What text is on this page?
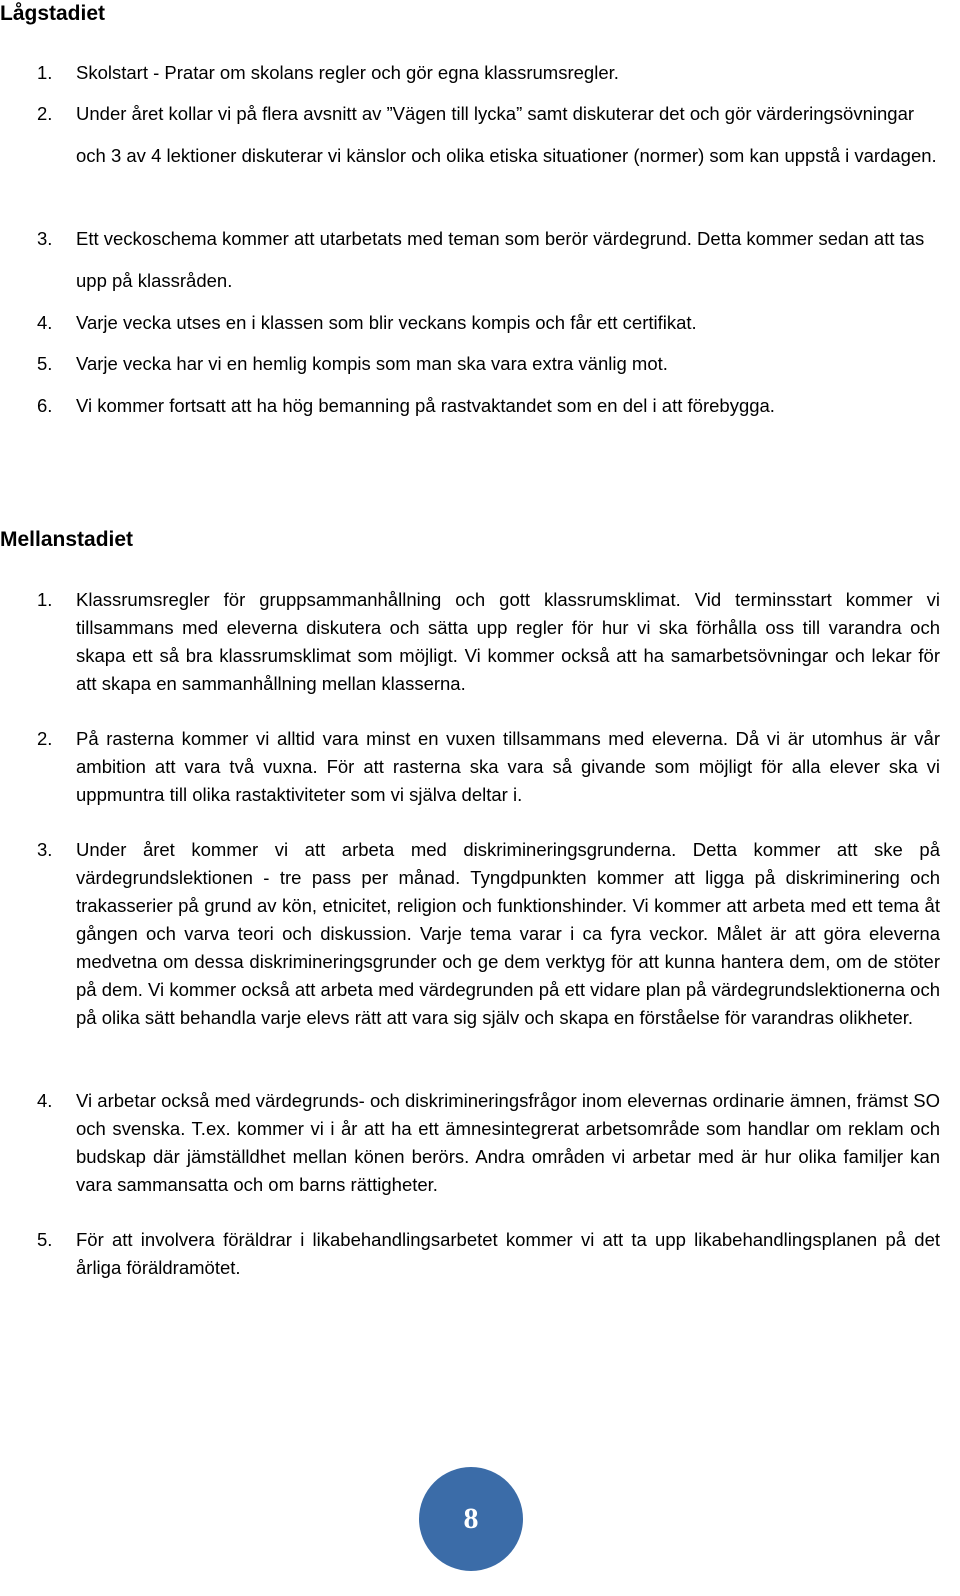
Lågstadiet
1.	Skolstart - Pratar om skolans regler och gör egna klassrumsregler.
2.	Under året kollar vi på flera avsnitt av ”Vägen till lycka” samt diskuterar det och gör värderingsövningar och 3 av 4 lektioner diskuterar vi känslor och olika etiska situationer (normer) som kan uppstå i vardagen.
3.	Ett veckoschema kommer att utarbetats med teman som berör värdegrund. Detta kommer sedan att tas upp på klassråden.
4.	Varje vecka utses en i klassen som blir veckans kompis och får ett certifikat.
5.	Varje vecka har vi en hemlig kompis som man ska vara extra vänlig mot.
6.	Vi kommer fortsatt att ha hög bemanning på rastvaktandet som en del i att förebygga.
Mellanstadiet
1.	Klassrumsregler för gruppsammanhållning och gott klassrumsklimat. Vid terminsstart kommer vi tillsammans med eleverna diskutera och sätta upp regler för hur vi ska förhålla oss till varandra och skapa ett så bra klassrumsklimat som möjligt. Vi kommer också att ha samarbetsövningar och lekar för att skapa en sammanhållning mellan klasserna.
2.	På rasterna kommer vi alltid vara minst en vuxen tillsammans med eleverna. Då vi är utomhus är vår ambition att vara två vuxna. För att rasterna ska vara så givande som möjligt för alla elever ska vi uppmuntra till olika rastaktiviteter som vi själva deltar i.
3.	Under året kommer vi att arbeta med diskrimineringsgrunderna. Detta kommer att ske på värdegrundslektionen - tre pass per månad. Tyngdpunkten kommer att ligga på diskriminering och trakasserier på grund av kön, etnicitet, religion och funktionshinder. Vi kommer att arbeta med ett tema åt gången och varva teori och diskussion. Varje tema varar i ca fyra veckor. Målet är att göra eleverna medvetna om dessa diskrimineringsgrunder och ge dem verktyg för att kunna hantera dem, om de stöter på dem. Vi kommer också att arbeta med värdegrunden på ett vidare plan på värdegrundslektionerna och på olika sätt behandla varje elevs rätt att vara sig själv och skapa en förståelse för varandras olikheter.
4.	Vi arbetar också med värdegrunds- och diskrimineringsfrågor inom elevernas ordinarie ämnen, främst SO och svenska. T.ex. kommer vi i år att ha ett ämnesintegrerat arbetsområde som handlar om reklam och budskap där jämställdhet mellan könen berörs. Andra områden vi arbetar med är hur olika familjer kan vara sammansatta och om barns rättigheter.
5.	För att involvera föräldrar i likabehandlingsarbetet kommer vi att ta upp likabehandlingsplanen på det årliga föräldramötet.
8
